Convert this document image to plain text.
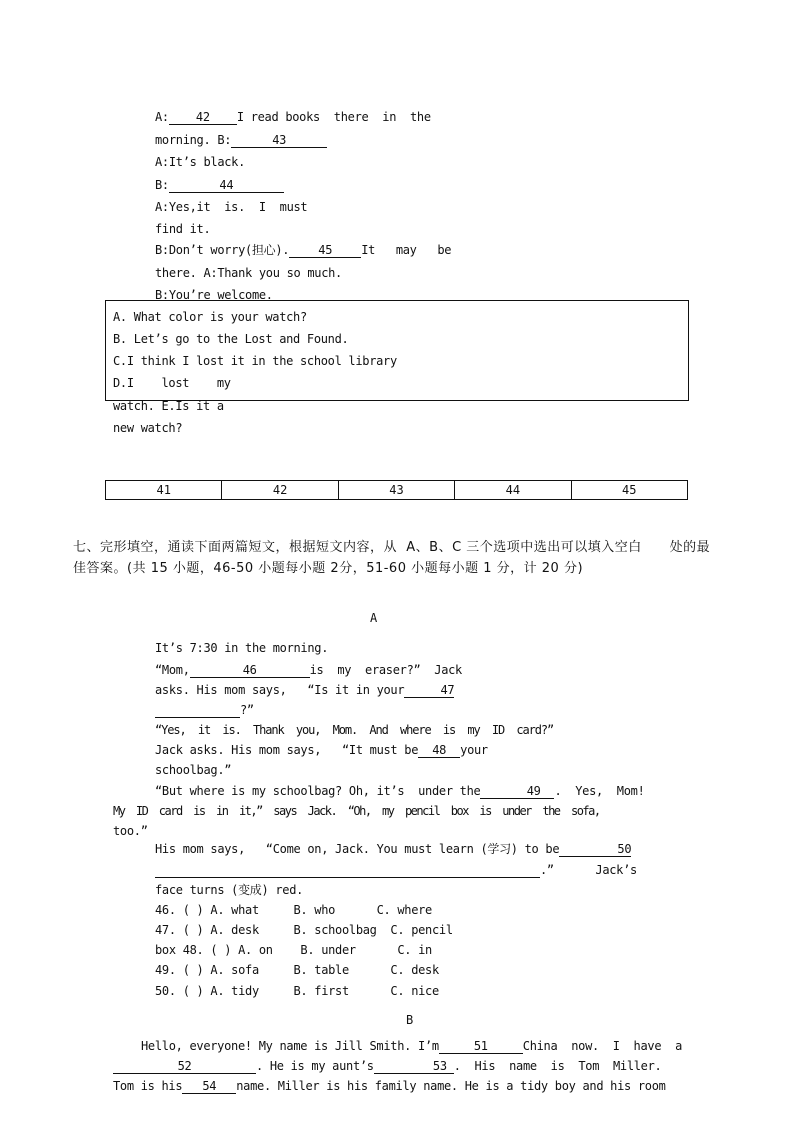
A: 42 I read books  there  in  the
morning. B:	43
A:It’s black.
B:	44
A:Yes,it  is.  I  must
find it.
B:Don’t worry(担心). 45 It   may   be
there. A:Thank you so much.
B:You’re welcome.
A. What color is your watch?
B. Let’s go to the Lost and Found.
C.I think I lost it in the school library
D.I    lost    my
watch. E.Is it a
new watch?
41	42	43	44	45
七、完形填空，通读下面两篇短文，根据短文内容，从  A、B、C 三个选项中选出可以填入空白      处的最
佳答案。(共 15 小题，46-50 小题每小题 2分，51-60 小题每小题 1 分，计 20 分)
A
It’s 7:30 in the morning.
“Mom,	46	is  my  eraser?”  Jack
asks. His mom says,   “Is it in your	47
?”
“Yes,  it  is.  Thank  you,  Mom.  And  where  is  my  ID  card?”
Jack asks. His mom says,   “It must be 48 your
schoolbag.”
“But where is my schoolbag? Oh, it’s  under the	49 .  Yes,  Mom!
My  ID  card  is  in  it,”  says  Jack.  “Oh,  my  pencil  box  is  under  the  sofa,
too.”
His mom says,   “Come on, Jack. You must learn (学习) to be	50
.”      Jack’s
face turns (变成) red.
46. ( ) A. what     B. who      C. where
47. ( ) A. desk     B. schoolbag  C. pencil
box 48. ( ) A. on    B. under      C. in
49. ( ) A. sofa     B. table      C. desk
50. ( ) A. tidy     B. first      C. nice
B
Hello, everyone! My name is Jill Smith. I’m	51	China  now.  I  have  a
52	. He is my aunt’s	53 .  His  name  is  Tom  Miller.
Tom is his 54 name. Miller is his family name. He is a tidy boy and his room
